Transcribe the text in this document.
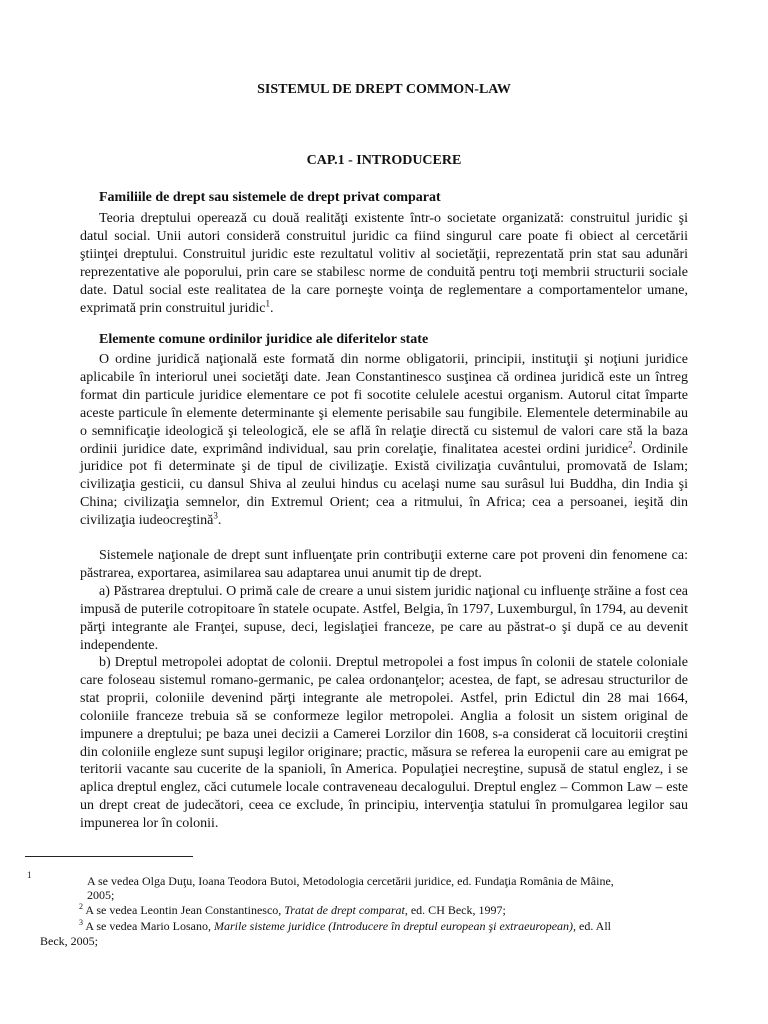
SISTEMUL DE DREPT COMMON-LAW
CAP.1 - INTRODUCERE
Familiile de drept sau sistemele de drept privat comparat

Teoria dreptului operează cu două realităţi existente într-o societate organizată: construitul juridic şi datul social. Unii autori consideră construitul juridic ca fiind singurul care poate fi obiect al cercetării ştiinţei dreptului. Construitul juridic este rezultatul volitiv al societăţii, reprezentată prin stat sau adunări reprezentative ale poporului, prin care se stabilesc norme de conduită pentru toţi membrii structurii sociale date. Datul social este realitatea de la care porneşte voinţa de reglementare a comportamentelor umane, exprimată prin construitul juridic$^1$.

Elemente comune ordinilor juridice ale diferitelor state

O ordine juridică naţională este formată din norme obligatorii, principii, instituţii şi noţiuni juridice aplicabile în interiorul unei societăţi date. Jean Constantinesco susţinea că ordinea juridică este un întreg format din particule juridice elementare ce pot fi socotite celulele acestui organism. Autorul citat împarte aceste particule în elemente determinante şi elemente perisabile sau fungibile. Elementele determinabile au o semnificaţie ideologică şi teleologică, ele se află în relaţie directă cu sistemul de valori care stă la baza ordinii juridice date, exprimând individual, sau prin corelaţie, finalitatea acestei ordini juridice$^2$. Ordinile juridice pot fi determinate şi de tipul de civilizaţie. Există civilizaţia cuvântului, promovată de Islam; civilizaţia gesticii, cu dansul Shiva al zeului hindus cu acelaşi nume sau surâsul lui Buddha, din India şi China; civilizaţia semnelor, din Extremul Orient; cea a ritmului, în Africa; cea a persoanei, ieşită din civilizaţia iudeocreştină$^3$.

Sistemele naţionale de drept sunt influenţate prin contribuţii externe care pot proveni din fenomene ca: păstrarea, exportarea, asimilarea sau adaptarea unui anumit tip de drept.

a) Păstrarea dreptului. O primă cale de creare a unui sistem juridic naţional cu influenţe străine a fost cea impusă de puterile cotropitoare în statele ocupate. Astfel, Belgia, în 1797, Luxemburgul, în 1794, au devenit părţi integrante ale Franţei, supuse, deci, legislaţiei franceze, pe care au păstrat-o şi după ce au devenit independente.

b) Dreptul metropolei adoptat de colonii. Dreptul metropolei a fost impus în colonii de statele coloniale care foloseau sistemul romano-germanic, pe calea ordonanţelor; acestea, de fapt, se adresau structurilor de stat proprii, coloniile devenind părţi integrante ale metropolei. Astfel, prin Edictul din 28 mai 1664, coloniile franceze trebuia să se conformeze legilor metropolei. Anglia a folosit un sistem original de impunere a dreptului; pe baza unei decizii a Camerei Lorzilor din 1608, s-a considerat că locuitorii creştini din coloniile engleze sunt supuşi legilor originare; practic, măsura se referea la europenii care au emigrat pe teritorii vacante sau cucerite de la spanioli, în America. Populaţiei necreştine, supusă de statul englez, i se aplica dreptul englez, căci cutumele locale contraveneau decalogului. Dreptul englez – Common Law – este un drept creat de judecători, ceea ce exclude, în principiu, intervenţia statului în promulgarea legilor sau impunerea lor în colonii.

1	A se vedea Olga Duţu, Ioana Teodora Butoi, Metodologia cercetării juridice, ed. Fundaţia România de Mâine,

2005;

$^2$ A se vedea Leontin Jean Constantinesco, Tratat de drept comparat, ed. CH Beck, 1997;

$^3$ A se vedea Mario Losano, Marile sisteme juridice (Introducere în dreptul european şi extraeuropean), ed. All

Beck, 2005;
